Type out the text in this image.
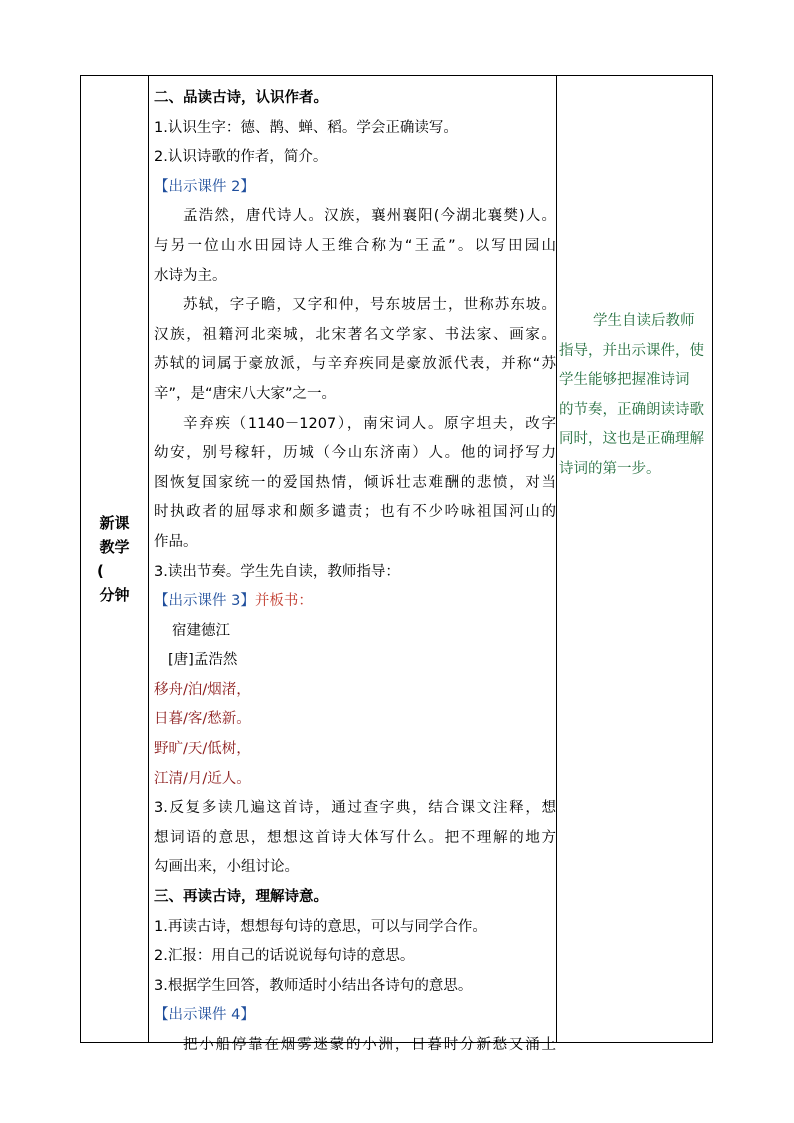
新课
教学
(
分钟
二、品读古诗，认识作者。
1.认识生字：德、鹊、蝉、稻。学会正确读写。
2.认识诗歌的作者，简介。
【出示课件 2】
孟浩然，唐代诗人。汉族，襄州襄阳(今湖北襄樊)人。
与另一位山水田园诗人王维合称为“王孟”。以写田园山
水诗为主。
苏轼，字子瞻，又字和仲，号东坡居士，世称苏东坡。
汉族，祖籍河北栾城，北宋著名文学家、书法家、画家。
苏轼的词属于豪放派，与辛弃疾同是豪放派代表，并称“苏
辛”，是“唐宋八大家”之一。
辛弃疾（1140－1207），南宋词人。原字坦夫，改字
幼安，别号稼轩，历城（今山东济南）人。他的词抒写力
图恢复国家统一的爱国热情，倾诉壮志难酬的悲愤，对当
时执政者的屈辱求和颇多谴责；也有不少吟咏祖国河山的
作品。
3.读出节奏。学生先自读，教师指导：
【出示课件 3】并板书：
宿建德江
[唐]孟浩然
移舟/泊/烟渚，
日暮/客/愁新。
野旷/天/低树，
江清/月/近人。
3.反复多读几遍这首诗，通过查字典，结合课文注释，想
想词语的意思，想想这首诗大体写什么。把不理解的地方
勾画出来，小组讨论。
三、再读古诗，理解诗意。
1.再读古诗，想想每句诗的意思，可以与同学合作。
2.汇报：用自己的话说说每句诗的意思。
3.根据学生回答，教师适时小结出各诗句的意思。
【出示课件 4】
把小船停靠在烟雾迷蒙的小洲，日暮时分新愁又涌上
学生自读后教师
指导，并出示课件，使
学生能够把握准诗词
的节奏，正确朗读诗歌
同时，这也是正确理解
诗词的第一步。
